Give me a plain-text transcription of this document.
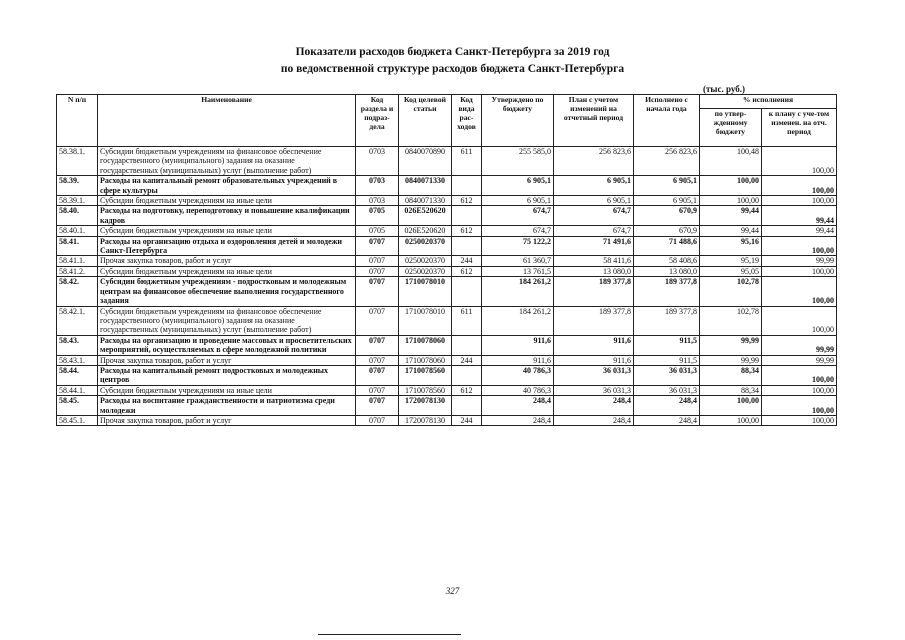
Показатели расходов бюджета Санкт-Петербурга за 2019 год
по ведомственной структуре расходов бюджета Санкт-Петербурга
(тыс. руб.)
N п/п	Наименование	Код раздела и подраз-дела	Код целевой статьи	Код вида рас-ходов	Утверждено по бюджету	План с учетом изменений на отчетный период	Исполнено с начала года	% исполнения	
								по утвер-жденному бюджету	к плану с уче-том изменен. на отч. период
58.38.1.	Субсидии бюджетным учреждениям на финансовое обеспечение государственного (муниципального) задания на оказание государственных (муниципальных) услуг (выполнение работ)	0703	0840070890	611	255 585,0	256 823,6	256 823,6	100,48	100,00
58.39.	Расходы на капитальный ремонт образовательных учреждений в сфере культуры	0703	0840071330		6 905,1	6 905,1	6 905,1	100,00	100,00
58.39.1.	Субсидии бюджетным учреждениям на иные цели	0703	0840071330	612	6 905,1	6 905,1	6 905,1	100,00	100,00
58.40.	Расходы на подготовку, переподготовку и повышение квалификации кадров	0705	026Е520620		674,7	674,7	670,9	99,44	99,44
58.40.1.	Субсидии бюджетным учреждениям на иные цели	0705	026Е520620	612	674,7	674,7	670,9	99,44	99,44
58.41.	Расходы на организацию отдыха и оздоровления детей и молодежи Санкт-Петербурга	0707	0250020370		75 122,2	71 491,6	71 488,6	95,16	100,00
58.41.1.	Прочая закупка товаров, работ и услуг	0707	0250020370	244	61 360,7	58 411,6	58 408,6	95,19	99,99
58.41.2.	Субсидии бюджетным учреждениям на иные цели	0707	0250020370	612	13 761,5	13 080,0	13 080,0	95,05	100,00
58.42.	Субсидии бюджетным учреждениям - подростковым и молодежным центрам на финансовое обеспечение выполнения государственного задания	0707	1710078010		184 261,2	189 377,8	189 377,8	102,78	100,00
58.42.1.	Субсидии бюджетным учреждениям на финансовое обеспечение государственного (муниципального) задания на оказание государственных (муниципальных) услуг (выполнение работ)	0707	1710078010	611	184 261,2	189 377,8	189 377,8	102,78	100,00
58.43.	Расходы на организацию и проведение массовых и просветительских мероприятий, осуществляемых в сфере молодежной политики	0707	1710078060		911,6	911,6	911,5	99,99	99,99
58.43.1.	Прочая закупка товаров, работ и услуг	0707	1710078060	244	911,6	911,6	911,5	99,99	99,99
58.44.	Расходы на капитальный ремонт подростковых и молодежных центров	0707	1710078560		40 786,3	36 031,3	36 031,3	88,34	100,00
58.44.1.	Субсидии бюджетным учреждениям на иные цели	0707	1710078560	612	40 786,3	36 031,3	36 031,3	88,34	100,00
58.45.	Расходы на воспитание гражданственности и патриотизма среди молодежи	0707	1720078130		248,4	248,4	248,4	100,00	100,00
58.45.1.	Прочая закупка товаров, работ и услуг	0707	1720078130	244	248,4	248,4	248,4	100,00	100,00
327
